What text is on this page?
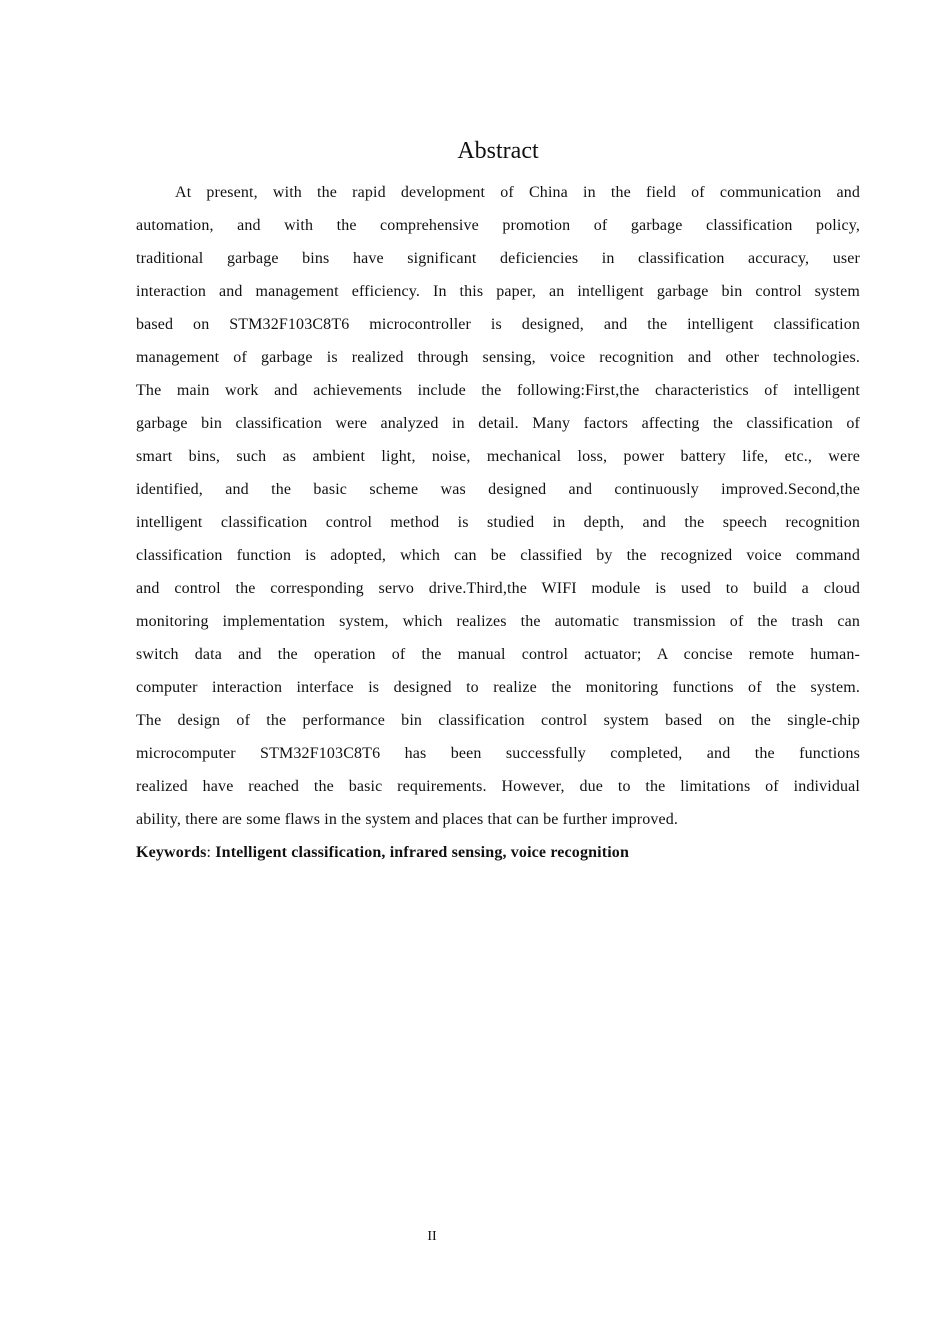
Abstract
At present, with the rapid development of China in the field of communication and
automation, and with the comprehensive promotion of garbage classification policy,
traditional garbage bins have significant deficiencies in classification accuracy, user
interaction and management efficiency. In this paper, an intelligent garbage bin control system
based on STM32F103C8T6 microcontroller is designed, and the intelligent classification
management of garbage is realized through sensing, voice recognition and other technologies.
The main work and achievements include the following:First,the characteristics of intelligent
garbage bin classification were analyzed in detail. Many factors affecting the classification of
smart bins, such as ambient light, noise, mechanical loss, power battery life, etc., were
identified, and the basic scheme was designed and continuously improved.Second,the
intelligent classification control method is studied in depth, and the speech recognition
classification function is adopted, which can be classified by the recognized voice command
and control the corresponding servo drive.Third,the WIFI module is used to build a cloud
monitoring implementation system, which realizes the automatic transmission of the trash can
switch data and the operation of the manual control actuator; A concise remote human-
computer interaction interface is designed to realize the monitoring functions of the system.
The design of the performance bin classification control system based on the single-chip
microcomputer STM32F103C8T6 has been successfully completed, and the functions
realized have reached the basic requirements. However, due to the limitations of individual
ability, there are some flaws in the system and places that can be further improved.
Keywords: Intelligent classification, infrared sensing, voice recognition
II
